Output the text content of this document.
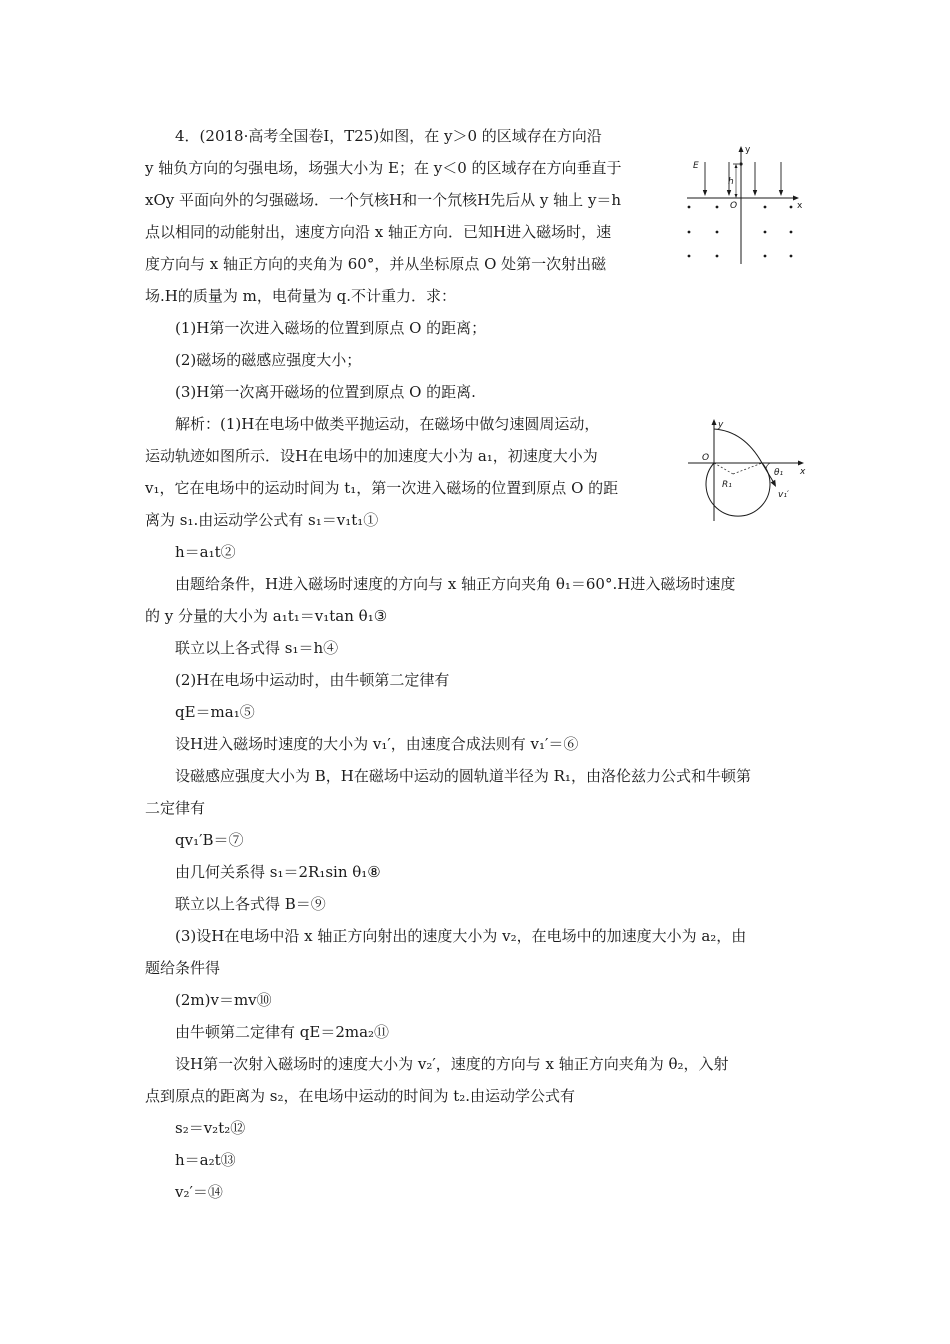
4．(2018·高考全国卷Ⅰ，T25)如图，在 y＞0 的区域存在方向沿
y 轴负方向的匀强电场，场强大小为 E；在 y＜0 的区域存在方向垂直于
xOy 平面向外的匀强磁场．一个氕核H和一个氘核H先后从 y 轴上 y＝h
点以相同的动能射出，速度方向沿 x 轴正方向．已知H进入磁场时，速
度方向与 x 轴正方向的夹角为 60°，并从坐标原点 O 处第一次射出磁
场.H的质量为 m，电荷量为 q.不计重力．求：
(1)H第一次进入磁场的位置到原点 O 的距离；
(2)磁场的磁感应强度大小；
(3)H第一次离开磁场的位置到原点 O 的距离.
x
y
E
h
O
解析：(1)H在电场中做类平抛运动，在磁场中做匀速圆周运动，
运动轨迹如图所示．设H在电场中的加速度大小为 a₁，初速度大小为
v₁，它在电场中的运动时间为 t₁，第一次进入磁场的位置到原点 O 的距
离为 s₁.由运动学公式有 s₁＝v₁t₁①
x
y
O
R₁
v₁′
θ₁
h＝a₁t②
由题给条件，H进入磁场时速度的方向与 x 轴正方向夹角 θ₁＝60°.H进入磁场时速度
的 y 分量的大小为 a₁t₁＝v₁tan θ₁③
联立以上各式得 s₁＝h④
(2)H在电场中运动时，由牛顿第二定律有
qE＝ma₁⑤
设H进入磁场时速度的大小为 v₁′，由速度合成法则有 v₁′＝⑥
设磁感应强度大小为 B，H在磁场中运动的圆轨道半径为 R₁，由洛伦兹力公式和牛顿第
二定律有
qv₁′B＝⑦
由几何关系得 s₁＝2R₁sin θ₁⑧
联立以上各式得 B＝⑨
(3)设H在电场中沿 x 轴正方向射出的速度大小为 v₂，在电场中的加速度大小为 a₂，由
题给条件得
(2m)v＝mv⑩
由牛顿第二定律有 qE＝2ma₂⑪
设H第一次射入磁场时的速度大小为 v₂′，速度的方向与 x 轴正方向夹角为 θ₂，入射
点到原点的距离为 s₂，在电场中运动的时间为 t₂.由运动学公式有
s₂＝v₂t₂⑫
h＝a₂t⑬
v₂′＝⑭
